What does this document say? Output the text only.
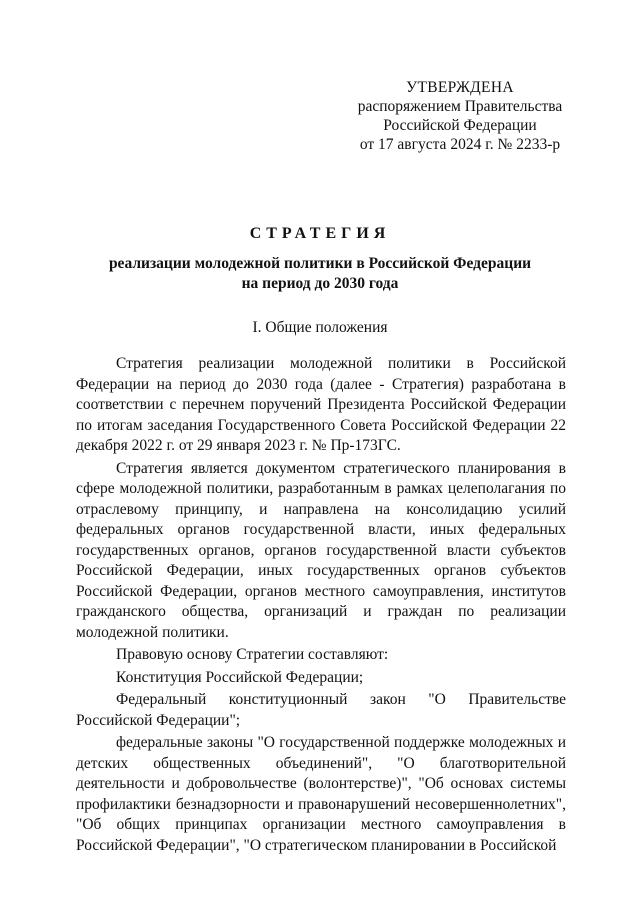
УТВЕРЖДЕНА
распоряжением Правительства
Российской Федерации
от 17 августа 2024 г. № 2233-р
СТРАТЕГИЯ
реализации молодежной политики в Российской Федерации
на период до 2030 года
I. Общие положения

Стратегия реализации молодежной политики в Российской Федерации на период до 2030 года (далее - Стратегия) разработана в соответствии с перечнем поручений Президента Российской Федерации по итогам заседания Государственного Совета Российской Федерации 22 декабря 2022 г. от 29 января 2023 г. № Пр-173ГС.

Стратегия является документом стратегического планирования в сфере молодежной политики, разработанным в рамках целеполагания по отраслевому принципу, и направлена на консолидацию усилий федеральных органов государственной власти, иных федеральных государственных органов, органов государственной власти субъектов Российской Федерации, иных государственных органов субъектов Российской Федерации, органов местного самоуправления, институтов гражданского общества, организаций и граждан по реализации молодежной политики.

Правовую основу Стратегии составляют:

Конституция Российской Федерации;

Федеральный конституционный закон "О Правительстве Российской Федерации";

федеральные законы "О государственной поддержке молодежных и детских общественных объединений", "О благотворительной деятельности и добровольчестве (волонтерстве)", "Об основах системы профилактики безнадзорности и правонарушений несовершеннолетних", "Об общих принципах организации местного самоуправления в Российской Федерации", "О стратегическом планировании в Российской
